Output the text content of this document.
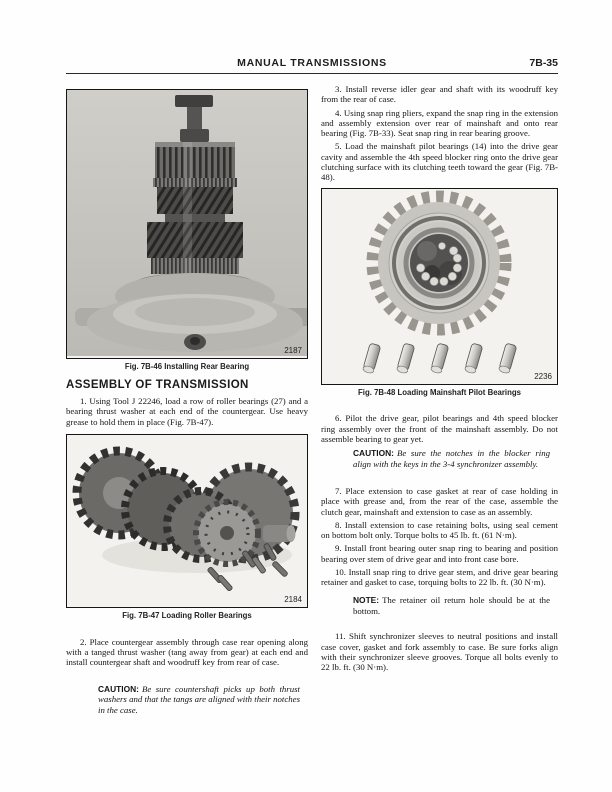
MANUAL TRANSMISSIONS	7B-35
2187
Fig. 7B-46 Installing Rear Bearing
ASSEMBLY OF TRANSMISSION

1. Using Tool J 22246, load a row of roller bearings (27) and a bearing thrust washer at each end of the countergear. Use heavy grease to hold them in place (Fig. 7B-47).

2184
Fig. 7B-47 Loading Roller Bearings

2. Place countergear assembly through case rear opening along with a tanged thrust washer (tang away from gear) at each end and install countergear shaft and woodruff key from rear of case.

CAUTION: Be sure countershaft picks up both thrust washers and that the tangs are aligned with their notches in the case.

3. Install reverse idler gear and shaft with its woodruff key from the rear of case.

4. Using snap ring pliers, expand the snap ring in the extension and assembly extension over rear of mainshaft and onto rear bearing (Fig. 7B-33). Seat snap ring in rear bearing groove.

5. Load the mainshaft pilot bearings (14) into the drive gear cavity and assemble the 4th speed blocker ring onto the drive gear clutching surface with its clutching teeth toward the gear (Fig. 7B-48).

2236
Fig. 7B-48 Loading Mainshaft Pilot Bearings

6. Pilot the drive gear, pilot bearings and 4th speed blocker ring assembly over the front of the mainshaft assembly. Do not assemble bearing to gear yet.

CAUTION: Be sure the notches in the blocker ring align with the keys in the 3-4 synchronizer assembly.

7. Place extension to case gasket at rear of case holding in place with grease and, from the rear of the case, assemble the clutch gear, mainshaft and extension to case as an assembly.

8. Install extension to case retaining bolts, using seal cement on bottom bolt only. Torque bolts to 45 lb. ft. (61 N·m).

9. Install front bearing outer snap ring to bearing and position bearing over stem of drive gear and into front case bore.

10. Install snap ring to drive gear stem, and drive gear bearing retainer and gasket to case, torquing bolts to 22 lb. ft. (30 N·m).

NOTE: The retainer oil return hole should be at the bottom.

11. Shift synchronizer sleeves to neutral positions and install case cover, gasket and fork assembly to case. Be sure forks align with their synchronizer sleeve grooves. Torque all bolts evenly to 22 lb. ft. (30 N·m).
